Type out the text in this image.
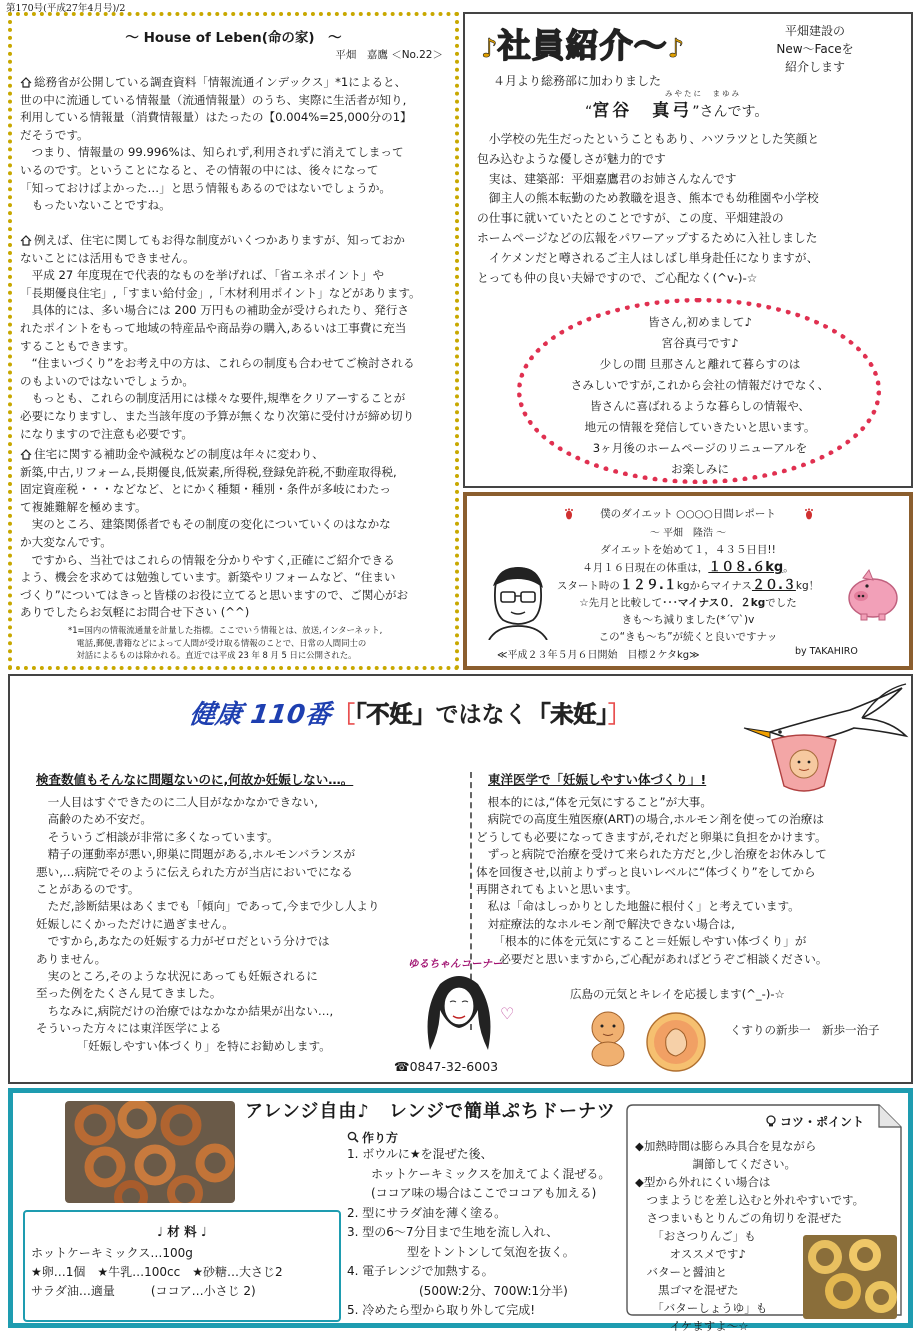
第170号(平成27年4月号)/2
～ House of Leben(命の家)　～
平畑　嘉鷹 ＜No.22＞
総務省が公開している調査資料「情報流通インデックス」*1によると、
世の中に流通している情報量（流通情報量）のうち、実際に生活者が知り,
利用している情報量（消費情報量）はたったの【0.004%=25,000分の1】
だそうです。
　つまり、情報量の 99.996%は、知られず,利用されずに消えてしまって
いるのです。ということになると、その情報の中には、後々になって
「知っておけばよかった…」と思う情報もあるのではないでしょうか。
　もったいないことですね。
例えば、住宅に関してもお得な制度がいくつかありますが、知っておか
ないことには活用もできません。
　平成 27 年度現在で代表的なものを挙げれば、「省エネポイント」や
「長期優良住宅」,「すまい給付金」,「木材利用ポイント」などがあります。
　具体的には、多い場合には 200 万円もの補助金が受けられたり、発行さ
れたポイントをもって地域の特産品や商品券の購入,あるいは工事費に充当
することもできます。
　“住まいづくり”をお考え中の方は、これらの制度も合わせてご検討される
のもよいのではないでしょうか。
　もっとも、これらの制度活用には様々な要件,規準をクリアーすることが
必要になりますし、また当該年度の予算が無くなり次第に受付けが締め切り
になりますので注意も必要です。
住宅に関する補助金や減税などの制度は年々に変わり、
新築,中古,リフォーム,長期優良,低炭素,所得税,登録免許税,不動産取得税,
固定資産税・・・などなど、とにかく種類・種別・条件が多岐にわたっ
て複雑難解を極めます。
　実のところ、建築関係者でもその制度の変化についていくのはなかな
か大変なんです。
　ですから、当社ではこれらの情報を分かりやすく,正確にご紹介できる
よう、機会を求めては勉強しています。新築やリフォームなど、“住まい
づくり”についてはきっと皆様のお役に立てると思いますので、ご関心がお
ありでしたらお気軽にお問合せ下さい (^^)
*1=国内の情報流通量を計量した指標。ここでいう情報とは、放送,インターネット,
　電話,郵便,書籍などによって人間が受け取る情報のことで、日常の人間同士の
　対話によるものは除かれる。直近では平成 23 年 8 月 5 日に公開された。
♪社員紹介～♪
平畑建設の
New～Faceを
紹介します
４月より総務部に加わりました
みやたに　まゆみ
“宮谷　真弓”さんです。
　小学校の先生だったということもあり、ハツラツとした笑顔と
包み込むような優しさが魅力的です
　実は、建築部：平畑嘉鷹君のお姉さんなんです
　御主人の熊本転勤のため教職を退き、熊本でも幼稚園や小学校
の仕事に就いていたとのことですが、この度、平畑建設の
ホームページなどの広報をパワーアップするために入社しました
　イケメンだと噂されるご主人はしばし単身赴任になりますが、
とっても仲の良い夫婦ですので、ご心配なく(^v-)-☆
皆さん,初めまして♪
宮谷真弓です♪
少しの間 旦那さんと離れて暮らすのは
さみしいですが,これから会社の情報だけでなく、
皆さんに喜ばれるような暮らしの情報や、
地元の情報を発信していきたいと思います。
3ヶ月後のホームページのリニューアルを
お楽しみに
僕のダイエット ○○○○日間レポート
～ 平畑　隆浩 ～
ダイエットを始めて１，４３５日目!!
４月１６日現在の体重は，１０８.６kg。
スタート時の１２９.１kgからマイナス２０.３kg！
☆先月と比較して･･･マイナス０．２kgでした
きも～ち減りました(*´▽`)v
この“きも～ち”が続くと良いですナッ
≪平成２３年５月６日開始　目標２ケタkg≫	by TAKAHIRO
健康 110番
［「不妊」ではなく「未妊」］
検査数値もそんなに問題ないのに,何故か妊娠しない…。	東洋医学で「妊娠しやすい体づくり」!
　一人目はすぐできたのに二人目がなかなかできない,
　高齢のため不安だ。
　そういうご相談が非常に多くなっています。
　精子の運動率が悪い,卵巣に問題がある,ホルモンバランスが
悪い,…病院でそのように伝えられた方が当店においでになる
ことがあるのです。
　ただ,診断結果はあくまでも「傾向」であって,今まで少し人より
妊娠しにくかっただけに過ぎません。
　ですから,あなたの妊娠する力がゼロだという分けでは
ありません。
　実のところ,そのような状況にあっても妊娠されるに
至った例をたくさん見てきました。
　ちなみに,病院だけの治療ではなかなか結果が出ない…,
そういった方々には東洋医学による
　　　　「妊娠しやすい体づくり」を特にお勧めします。
　根本的には,“体を元気にすること”が大事。
　病院での高度生殖医療(ART)の場合,ホルモン剤を使っての治療は
どうしても必要になってきますが,それだと卵巣に負担をかけます。
　ずっと病院で治療を受けて来られた方だと,少し治療をお休みして
体を回復させ,以前よりずっと良いレベルに“体づくり”をしてから
再開されてもよいと思います。
　私は「命はしっかりとした地盤に根付く」と考えています。
　対症療法的なホルモン剤で解決できない場合は,
　　「根本的に体を元気にすること＝妊娠しやすい体づくり」が
　　必要だと思いますから,ご心配があればどうぞご相談ください。
広島の元気とキレイを応援します(^_-)-☆
ゆるちゃんコーナー
♡
☎0847-32-6003
くすりの新歩一　新歩一治子
♩ 材 料 ♩
ホットケーキミックス…100g
★卵…1個　★牛乳…100cc　★砂糖…大さじ2
サラダ油…適量　　　(ココア…小さじ 2)
アレンジ自由♪　レンジで簡単ぷちドーナツ
作り方
1. ボウルに★を混ぜた後、
　　ホットケーキミックスを加えてよく混ぜる。
　　(ココア味の場合はここでココアも加える)
2. 型にサラダ油を薄く塗る。
3. 型の6～7分目まで生地を流し入れ、
　　　　　型をトントンして気泡を抜く。
4. 電子レンジで加熱する。
　　　　　　(500W:2分、700W:1分半)
5. 冷めたら型から取り外して完成!
コツ・ポイント
◆加熱時間は膨らみ具合を見ながら
　　　　　調節してください。
◆型から外れにくい場合は
　つまようじを差し込むと外れやすいです。
　さつまいもとりんごの角切りを混ぜた
　　「おさつりんご」も
　　　オススメです♪
　バターと醤油と
　　黒ゴマを混ぜた
　　「バターしょうゆ」も
　　　イケますよ～☆
